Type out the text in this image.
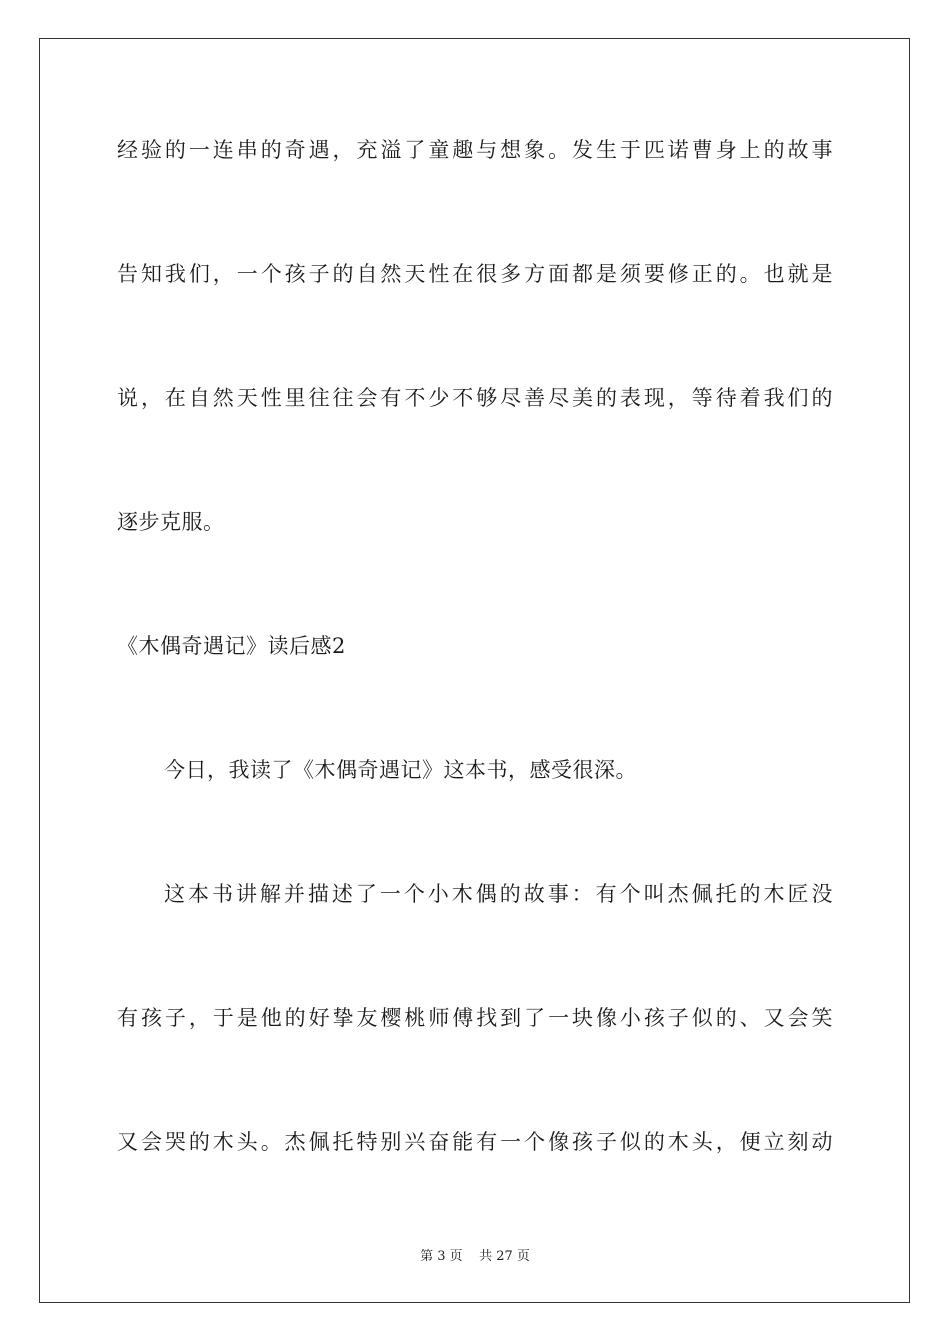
经验的一连串的奇遇，充溢了童趣与想象。发生于匹诺曹身上的故事
告知我们，一个孩子的自然天性在很多方面都是须要修正的。也就是
说，在自然天性里往往会有不少不够尽善尽美的表现，等待着我们的
逐步克服。
《木偶奇遇记》读后感2
今日，我读了《木偶奇遇记》这本书，感受很深。
这本书讲解并描述了一个小木偶的故事：有个叫杰佩托的木匠没
有孩子，于是他的好挚友樱桃师傅找到了一块像小孩子似的、又会笑
又会哭的木头。杰佩托特别兴奋能有一个像孩子似的木头，便立刻动
第 3 页    共 27 页
